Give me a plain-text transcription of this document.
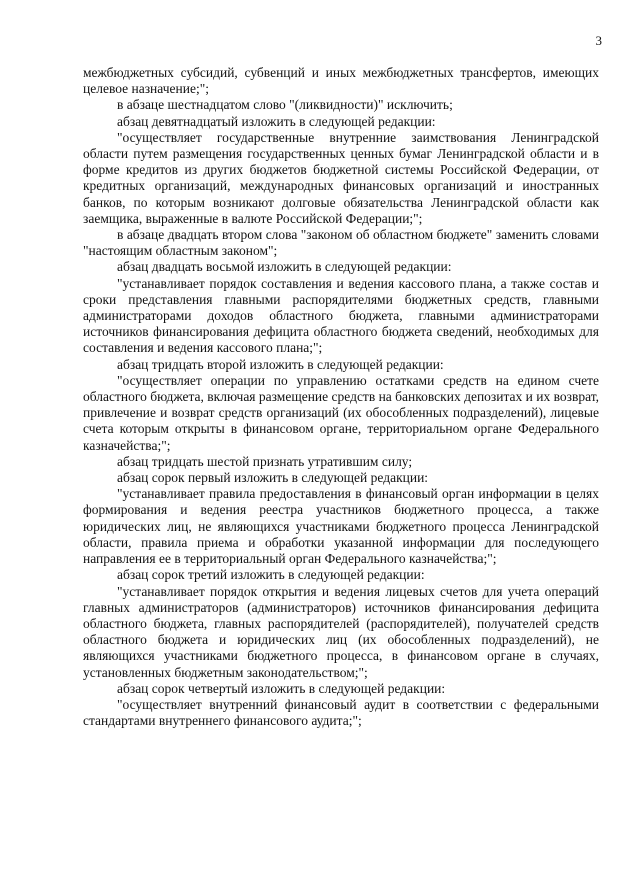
3

межбюджетных субсидий, субвенций и иных межбюджетных трансфертов, имеющих целевое назначение;";

в абзаце шестнадцатом слово "(ликвидности)" исключить;

абзац девятнадцатый изложить в следующей редакции:

"осуществляет государственные внутренние заимствования Ленинградской области путем размещения государственных ценных бумаг Ленинградской области и в форме кредитов из других бюджетов бюджетной системы Российской Федерации, от кредитных организаций, международных финансовых организаций и иностранных банков, по которым возникают долговые обязательства Ленинградской области как заемщика, выраженные в валюте Российской Федерации;";

в абзаце двадцать втором слова "законом об областном бюджете" заменить словами "настоящим областным законом";

абзац двадцать восьмой изложить в следующей редакции:

"устанавливает порядок составления и ведения кассового плана, а также состав и сроки представления главными распорядителями бюджетных средств, главными администраторами доходов областного бюджета, главными администраторами источников финансирования дефицита областного бюджета сведений, необходимых для составления и ведения кассового плана;";

абзац тридцать второй изложить в следующей редакции:

"осуществляет операции по управлению остатками средств на едином счете областного бюджета, включая размещение средств на банковских депозитах и их возврат, привлечение и возврат средств организаций (их обособленных подразделений), лицевые счета которым открыты в финансовом органе, территориальном органе Федерального казначейства;";

абзац тридцать шестой признать утратившим силу;

абзац сорок первый изложить в следующей редакции:

"устанавливает правила предоставления в финансовый орган информации в целях формирования и ведения реестра участников бюджетного процесса, а также юридических лиц, не являющихся участниками бюджетного процесса Ленинградской области, правила приема и обработки указанной информации для последующего направления ее в территориальный орган Федерального казначейства;";

абзац сорок третий изложить в следующей редакции:

"устанавливает порядок открытия и ведения лицевых счетов для учета операций главных администраторов (администраторов) источников финансирования дефицита областного бюджета, главных распорядителей (распорядителей), получателей средств областного бюджета и юридических лиц (их обособленных подразделений), не являющихся участниками бюджетного процесса, в финансовом органе в случаях, установленных бюджетным законодательством;";

абзац сорок четвертый изложить в следующей редакции:

"осуществляет внутренний финансовый аудит в соответствии с федеральными стандартами внутреннего финансового аудита;";
